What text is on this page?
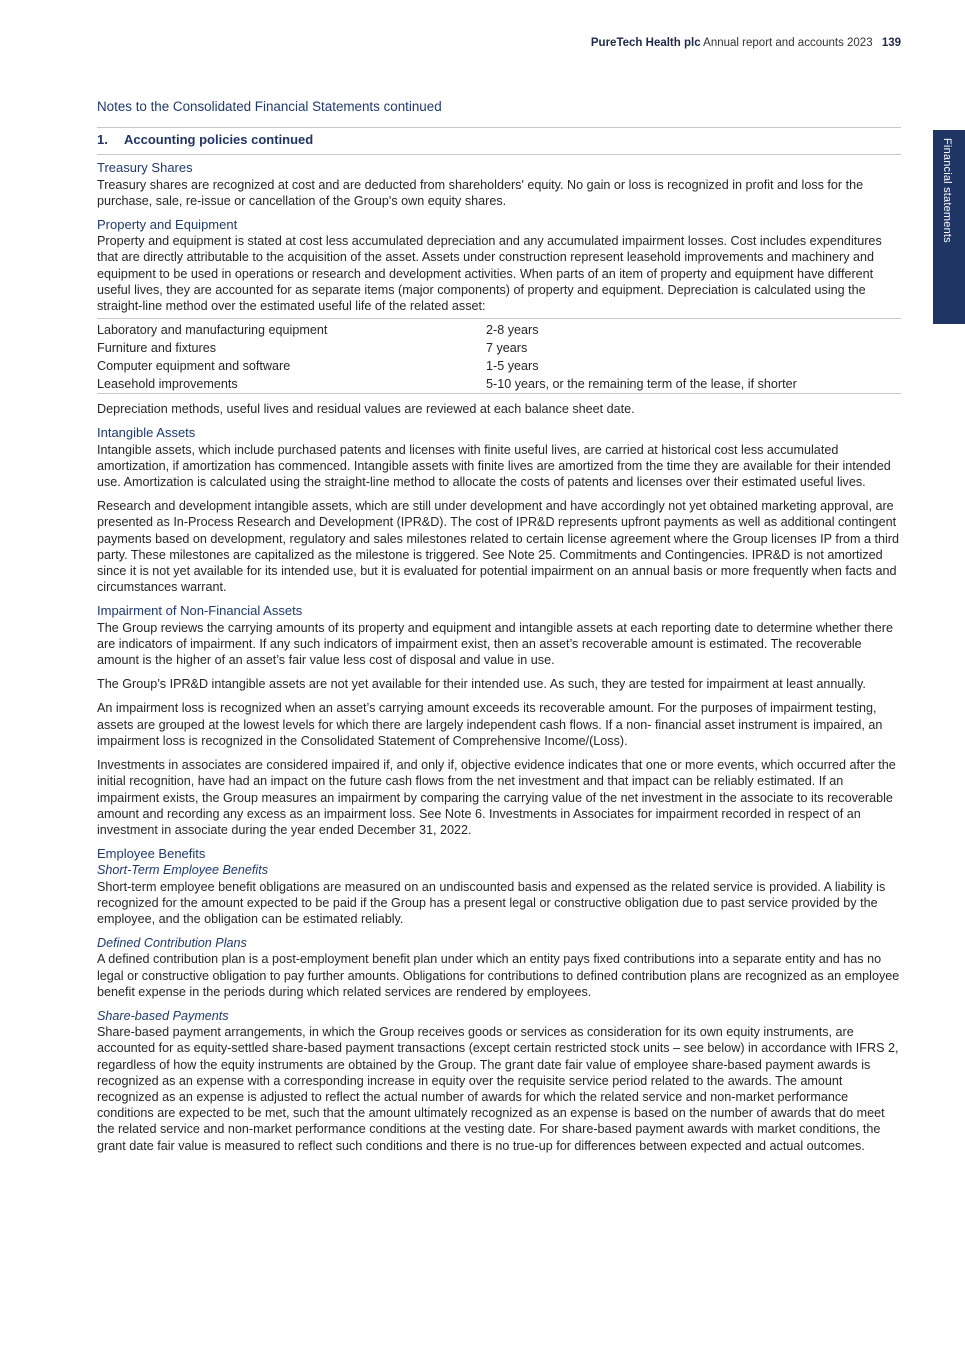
PureTech Health plc Annual report and accounts 2023 139
Financial statements
Notes to the Consolidated Financial Statements continued
1. Accounting policies continued
Treasury Shares

Treasury shares are recognized at cost and are deducted from shareholders' equity. No gain or loss is recognized in profit and loss for the purchase, sale, re-issue or cancellation of the Group's own equity shares.

Property and Equipment

Property and equipment is stated at cost less accumulated depreciation and any accumulated impairment losses. Cost includes expenditures that are directly attributable to the acquisition of the asset. Assets under construction represent leasehold improvements and machinery and equipment to be used in operations or research and development activities. When parts of an item of property and equipment have different useful lives, they are accounted for as separate items (major components) of property and equipment. Depreciation is calculated using the straight-line method over the estimated useful life of the related asset:

Laboratory and manufacturing equipment	2-8 years
Furniture and fixtures	7 years
Computer equipment and software	1-5 years
Leasehold improvements	5-10 years, or the remaining term of the lease, if shorter

Depreciation methods, useful lives and residual values are reviewed at each balance sheet date.

Intangible Assets

Intangible assets, which include purchased patents and licenses with finite useful lives, are carried at historical cost less accumulated amortization, if amortization has commenced. Intangible assets with finite lives are amortized from the time they are available for their intended use. Amortization is calculated using the straight-line method to allocate the costs of patents and licenses over their estimated useful lives.

Research and development intangible assets, which are still under development and have accordingly not yet obtained marketing approval, are presented as In-Process Research and Development (IPR&D). The cost of IPR&D represents upfront payments as well as additional contingent payments based on development, regulatory and sales milestones related to certain license agreement where the Group licenses IP from a third party. These milestones are capitalized as the milestone is triggered. See Note 25. Commitments and Contingencies. IPR&D is not amortized since it is not yet available for its intended use, but it is evaluated for potential impairment on an annual basis or more frequently when facts and circumstances warrant.

Impairment of Non-Financial Assets

The Group reviews the carrying amounts of its property and equipment and intangible assets at each reporting date to determine whether there are indicators of impairment. If any such indicators of impairment exist, then an asset’s recoverable amount is estimated. The recoverable amount is the higher of an asset’s fair value less cost of disposal and value in use.

The Group’s IPR&D intangible assets are not yet available for their intended use. As such, they are tested for impairment at least annually.

An impairment loss is recognized when an asset’s carrying amount exceeds its recoverable amount. For the purposes of impairment testing, assets are grouped at the lowest levels for which there are largely independent cash flows. If a non- financial asset instrument is impaired, an impairment loss is recognized in the Consolidated Statement of Comprehensive Income/(Loss).

Investments in associates are considered impaired if, and only if, objective evidence indicates that one or more events, which occurred after the initial recognition, have had an impact on the future cash flows from the net investment and that impact can be reliably estimated. If an impairment exists, the Group measures an impairment by comparing the carrying value of the net investment in the associate to its recoverable amount and recording any excess as an impairment loss. See Note 6. Investments in Associates for impairment recorded in respect of an investment in associate during the year ended December 31, 2022.

Employee Benefits
Short-Term Employee Benefits

Short-term employee benefit obligations are measured on an undiscounted basis and expensed as the related service is provided. A liability is recognized for the amount expected to be paid if the Group has a present legal or constructive obligation due to past service provided by the employee, and the obligation can be estimated reliably.

Defined Contribution Plans

A defined contribution plan is a post-employment benefit plan under which an entity pays fixed contributions into a separate entity and has no legal or constructive obligation to pay further amounts. Obligations for contributions to defined contribution plans are recognized as an employee benefit expense in the periods during which related services are rendered by employees.

Share-based Payments

Share-based payment arrangements, in which the Group receives goods or services as consideration for its own equity instruments, are accounted for as equity-settled share-based payment transactions (except certain restricted stock units – see below) in accordance with IFRS 2, regardless of how the equity instruments are obtained by the Group. The grant date fair value of employee share-based payment awards is recognized as an expense with a corresponding increase in equity over the requisite service period related to the awards. The amount recognized as an expense is adjusted to reflect the actual number of awards for which the related service and non-market performance conditions are expected to be met, such that the amount ultimately recognized as an expense is based on the number of awards that do meet the related service and non-market performance conditions at the vesting date. For share-based payment awards with market conditions, the grant date fair value is measured to reflect such conditions and there is no true-up for differences between expected and actual outcomes.
